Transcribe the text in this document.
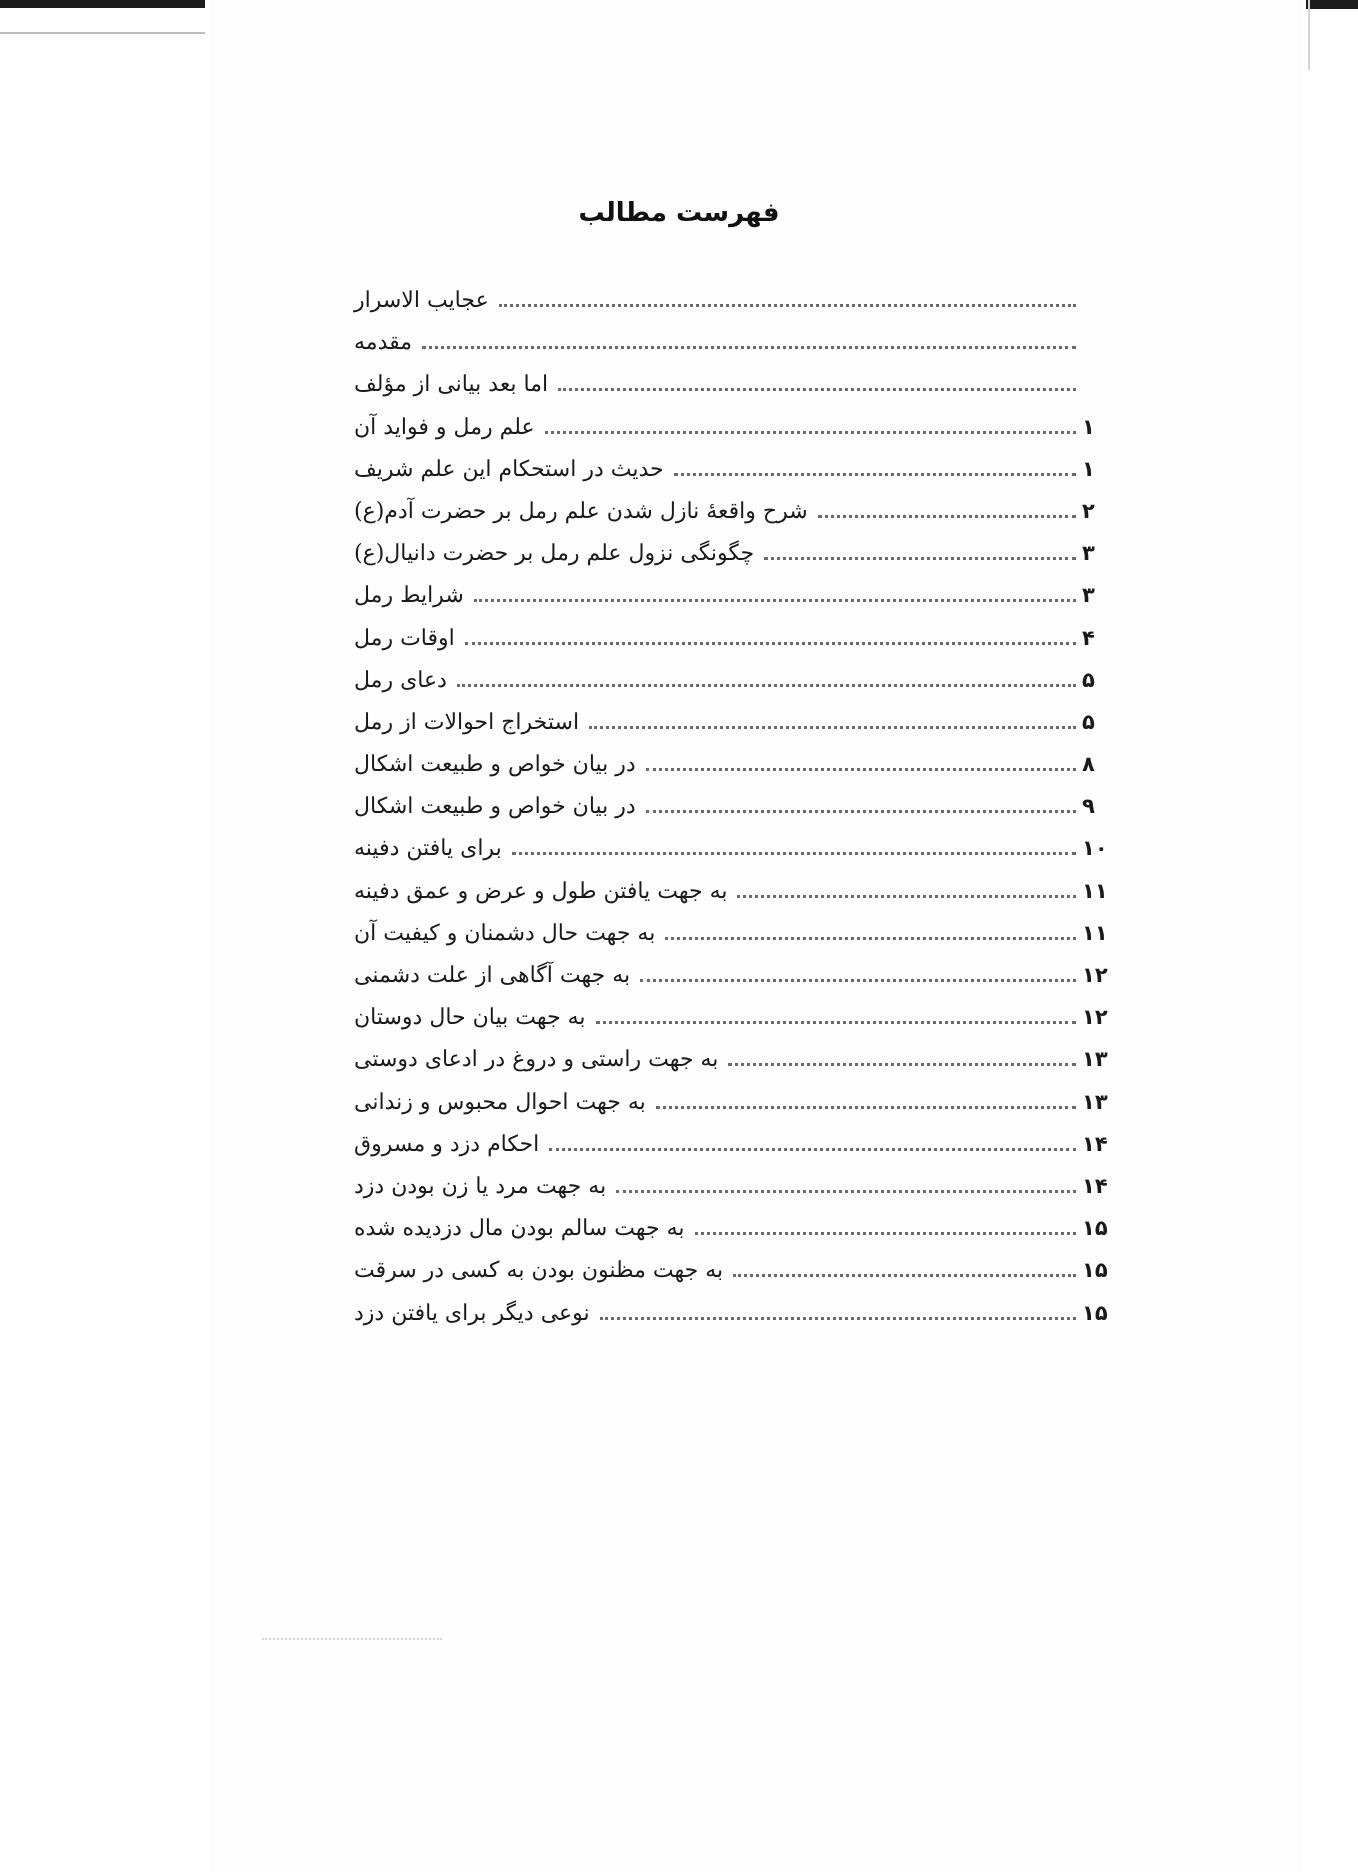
فهرست مطالب
عجایب الاسرار
مقدمه
اما بعد بیانی از مؤلف
علم رمل و فواید آن	۱
حدیث در استحکام این علم شریف	۱
شرح واقعهٔ نازل شدن علم رمل بر حضرت آدم(ع)	۲
چگونگی نزول علم رمل بر حضرت دانیال(ع)	۳
شرایط رمل	۳
اوقات رمل	۴
دعای رمل	۵
استخراج احوالات از رمل	۵
در بیان خواص و طبیعت اشکال	۸
در بیان خواص و طبیعت اشکال	۹
برای یافتن دفینه	۱۰
به جهت یافتن طول و عرض و عمق دفینه	۱۱
به جهت حال دشمنان و کیفیت آن	۱۱
به جهت آگاهی از علت دشمنی	۱۲
به جهت بیان حال دوستان	۱۲
به جهت راستی و دروغ در ادعای دوستی	۱۳
به جهت احوال محبوس و زندانی	۱۳
احکام دزد و مسروق	۱۴
به جهت مرد یا زن بودن دزد	۱۴
به جهت سالم بودن مال دزدیده شده	۱۵
به جهت مظنون بودن به کسی در سرقت	۱۵
نوعی دیگر برای یافتن دزد	۱۵
